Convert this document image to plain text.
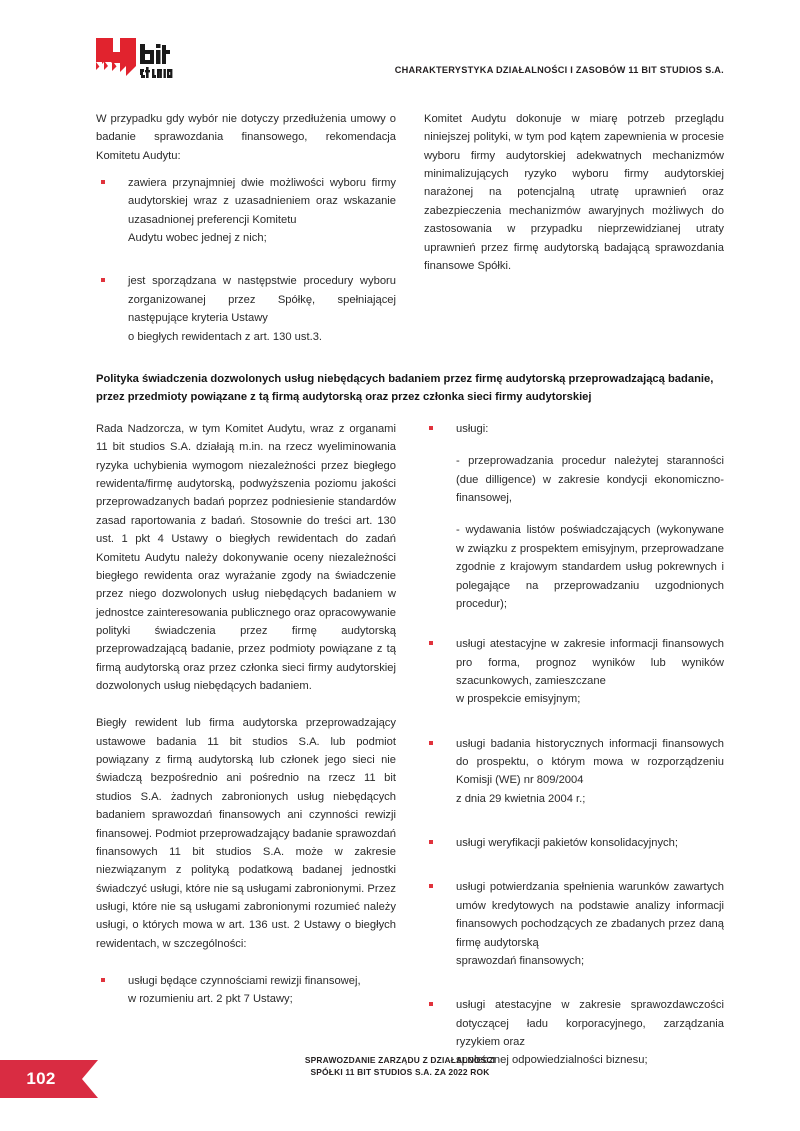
CHARAKTERYSTYKA DZIAŁALNOŚCI I ZASOBÓW 11 BIT STUDIOS S.A.

W przypadku gdy wybór nie dotyczy przedłużenia umowy o badanie sprawozdania finansowego, rekomendacja Komitetu Audytu:

zawiera przynajmniej dwie możliwości wyboru firmy audytorskiej wraz z uzasadnieniem oraz wskazanie uzasadnionej preferencji Komitetu
Audytu wobec jednej z nich;
jest sporządzana w następstwie procedury wyboru zorganizowanej przez Spółkę, spełniającej następujące kryteria Ustawy
o biegłych rewidentach z art. 130 ust.3.

Komitet Audytu dokonuje w miarę potrzeb przeglądu niniejszej polityki, w tym pod kątem zapewnienia w procesie wyboru firmy audytorskiej adekwatnych mechanizmów minimalizujących ryzyko wyboru firmy audytorskiej narażonej na potencjalną utratę uprawnień oraz zabezpieczenia mechanizmów awaryjnych możliwych do zastosowania w przypadku nieprzewidzianej utraty uprawnień przez firmę audytorską badającą sprawozdania finansowe Spółki.

Polityka świadczenia dozwolonych usług niebędących badaniem przez firmę audytorską przeprowadzającą badanie, przez przedmioty powiązane z tą firmą audytorską oraz przez członka sieci firmy audytorskiej

Rada Nadzorcza, w tym Komitet Audytu, wraz z organami 11 bit studios S.A. działają m.in. na rzecz wyeliminowania ryzyka uchybienia wymogom niezależności przez biegłego rewidenta/firmę audytorską, podwyższenia poziomu jakości przeprowadzanych badań poprzez podniesienie standardów zasad raportowania z badań. Stosownie do treści art. 130 ust. 1 pkt 4 Ustawy o biegłych rewidentach do zadań Komitetu Audytu należy dokonywanie oceny niezależności biegłego rewidenta oraz wyrażanie zgody na świadczenie przez niego dozwolonych usług niebędących badaniem w jednostce zainteresowania publicznego oraz opracowywanie polityki świadczenia przez firmę audytorską przeprowadzającą badanie, przez podmioty powiązane z tą firmą audytorską oraz przez członka sieci firmy audytorskiej dozwolonych usług niebędących badaniem.

Biegły rewident lub firma audytorska przeprowadzający ustawowe badania 11 bit studios S.A. lub podmiot powiązany z firmą audytorską lub członek jego sieci nie świadczą bezpośrednio ani pośrednio na rzecz 11 bit studios S.A. żadnych zabronionych usług niebędących badaniem sprawozdań finansowych ani czynności rewizji finansowej. Podmiot przeprowadzający badanie sprawozdań finansowych 11 bit studios S.A. może w zakresie niezwiązanym z polityką podatkową badanej jednostki świadczyć usługi, które nie są usługami zabronionymi. Przez usługi, które nie są usługami zabronionymi rozumieć należy usługi, o których mowa w art. 136 ust. 2 Ustawy o biegłych rewidentach, w szczególności:

usługi będące czynnościami rewizji finansowej,
w rozumieniu art. 2 pkt 7 Ustawy;
usługi:
- przeprowadzania procedur należytej staranności (due dilligence) w zakresie kondycji ekonomiczno- finansowej,
- wydawania listów poświadczających (wykonywane w związku z prospektem emisyjnym, przeprowadzane zgodnie z krajowym standardem usług pokrewnych i polegające na przeprowadzaniu uzgodnionych procedur);
usługi atestacyjne w zakresie informacji finansowych pro forma, prognoz wyników lub wyników szacunkowych, zamieszczane
w prospekcie emisyjnym;
usługi badania historycznych informacji finansowych do prospektu, o którym mowa w rozporządzeniu Komisji (WE) nr 809/2004
z dnia 29 kwietnia 2004 r.;
usługi weryfikacji pakietów konsolidacyjnych;
usługi potwierdzania spełnienia warunków zawartych umów kredytowych na podstawie analizy informacji finansowych pochodzących ze zbadanych przez daną firmę audytorską
sprawozdań finansowych;
usługi atestacyjne w zakresie sprawozdawczości dotyczącej ładu korporacyjnego, zarządzania ryzykiem oraz
społecznej odpowiedzialności biznesu;
102
SPRAWOZDANIE ZARZĄDU Z DZIAŁALNOŚCI
SPÓŁKI 11 BIT STUDIOS S.A. ZA 2022 ROK
